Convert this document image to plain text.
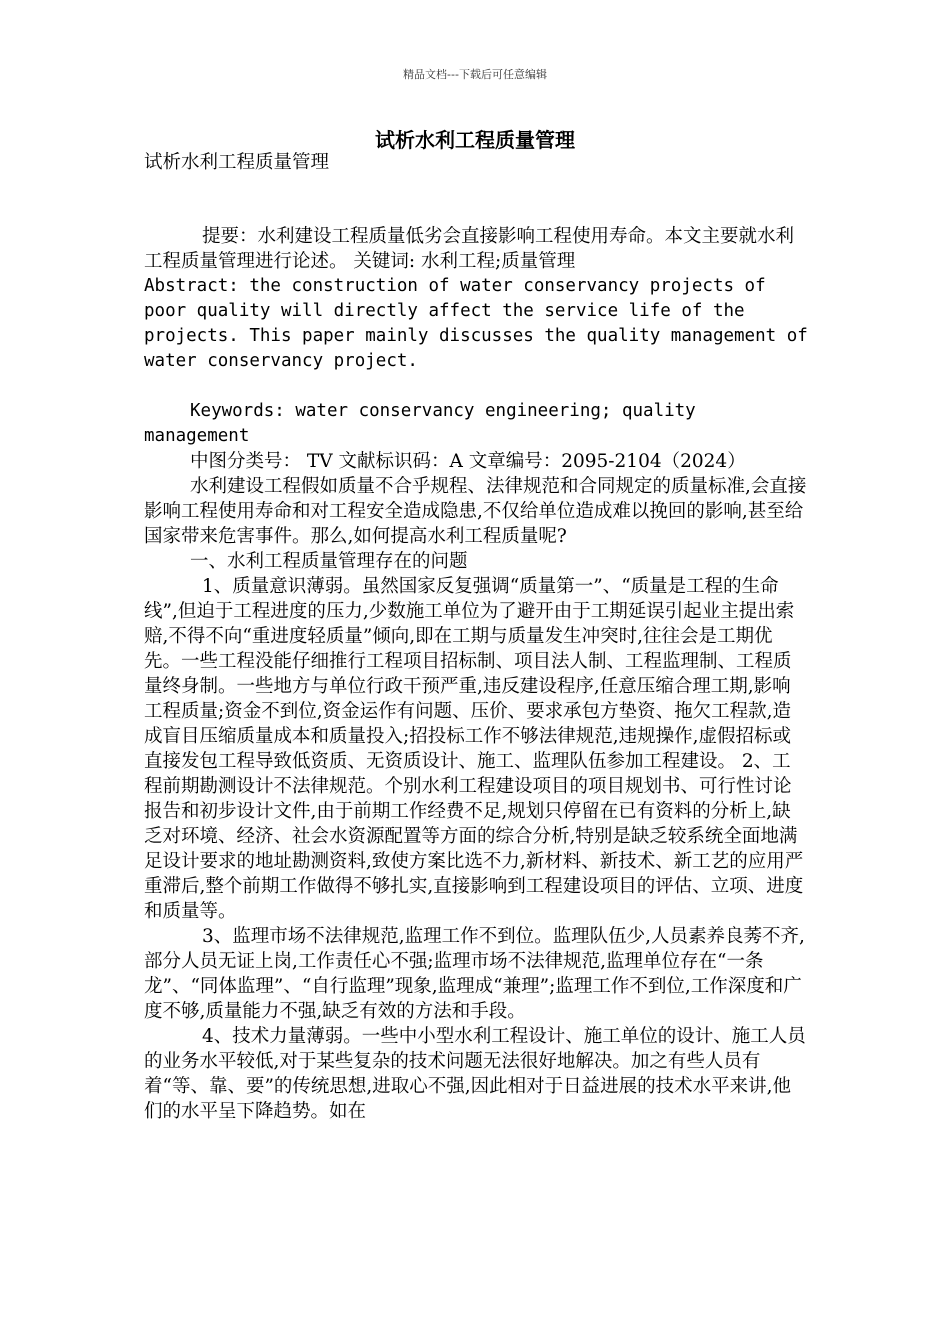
精品文档---下载后可任意编辑
试析水利工程质量管理

试析水利工程质量管理

提要：水利建设工程质量低劣会直接影响工程使用寿命。本文主要就水利工程质量管理进行论述。 关键词: 水利工程;质量管理

Abstract: the construction of water conservancy projects of poor quality will directly affect the service life of the projects. This paper mainly discusses the quality management of water conservancy project.

Keywords: water conservancy engineering; quality management

中图分类号： TV 文献标识码：A 文章编号：2095-2104（2024）

水利建设工程假如质量不合乎规程、法律规范和合同规定的质量标准,会直接影响工程使用寿命和对工程安全造成隐患,不仅给单位造成难以挽回的影响,甚至给国家带来危害事件。那么,如何提高水利工程质量呢?

一、水利工程质量管理存在的问题

1、质量意识薄弱。虽然国家反复强调“质量第一”、“质量是工程的生命线”,但迫于工程进度的压力,少数施工单位为了避开由于工期延误引起业主提出索赔,不得不向“重进度轻质量”倾向,即在工期与质量发生冲突时,往往会是工期优先。一些工程没能仔细推行工程项目招标制、项目法人制、工程监理制、工程质量终身制。一些地方与单位行政干预严重,违反建设程序,任意压缩合理工期,影响工程质量;资金不到位,资金运作有问题、压价、要求承包方垫资、拖欠工程款,造成盲目压缩质量成本和质量投入;招投标工作不够法律规范,违规操作,虚假招标或直接发包工程导致低资质、无资质设计、施工、监理队伍参加工程建设。 2、工程前期勘测设计不法律规范。个别水利工程建设项目的项目规划书、可行性讨论报告和初步设计文件,由于前期工作经费不足,规划只停留在已有资料的分析上,缺乏对环境、经济、社会水资源配置等方面的综合分析,特别是缺乏较系统全面地满足设计要求的地址勘测资料,致使方案比选不力,新材料、新技术、新工艺的应用严重滞后,整个前期工作做得不够扎实,直接影响到工程建设项目的评估、立项、进度和质量等。

3、监理市场不法律规范,监理工作不到位。监理队伍少,人员素养良莠不齐,部分人员无证上岗,工作责任心不强;监理市场不法律规范,监理单位存在“一条龙”、“同体监理”、“自行监理”现象,监理成“兼理”;监理工作不到位,工作深度和广度不够,质量能力不强,缺乏有效的方法和手段。

4、技术力量薄弱。一些中小型水利工程设计、施工单位的设计、施工人员的业务水平较低,对于某些复杂的技术问题无法很好地解决。加之有些人员有着“等、靠、要”的传统思想,进取心不强,因此相对于日益进展的技术水平来讲,他们的水平呈下降趋势。如在
